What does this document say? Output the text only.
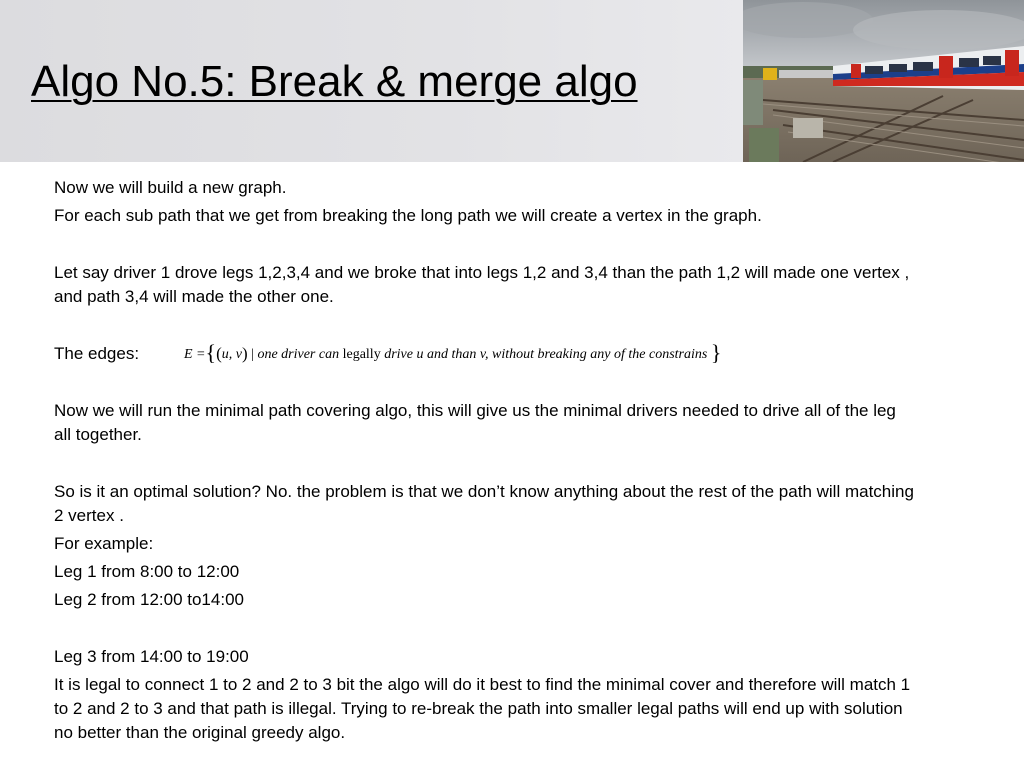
Algo No.5: Break & merge algo

Now we will build a new graph.

For each sub path that we get from breaking the long path we will create a vertex in the graph.

Let say driver 1 drove legs 1,2,3,4 and we broke that into legs 1,2 and 3,4 than the path 1,2 will made one vertex , and path 3,4 will made the other one.

The edges:	E ={(u, v) | one driver can legally drive u and than v, without breaking any of the constrains }

Now we will run the minimal path covering algo, this will give us the minimal drivers needed to drive all of the leg all together.

So is it an optimal solution? No. the problem is that we don’t know anything about the rest of the path will matching 2 vertex .

For example:

Leg 1 from 8:00 to 12:00

Leg 2 from 12:00 to14:00

Leg 3 from 14:00 to 19:00

It is legal to connect 1 to 2 and 2 to 3 bit the algo will do it best to find the minimal cover and therefore will match 1 to 2 and 2 to 3 and that path is illegal. Trying to re-break the path into smaller legal paths will end up with solution no better than the original greedy algo.
